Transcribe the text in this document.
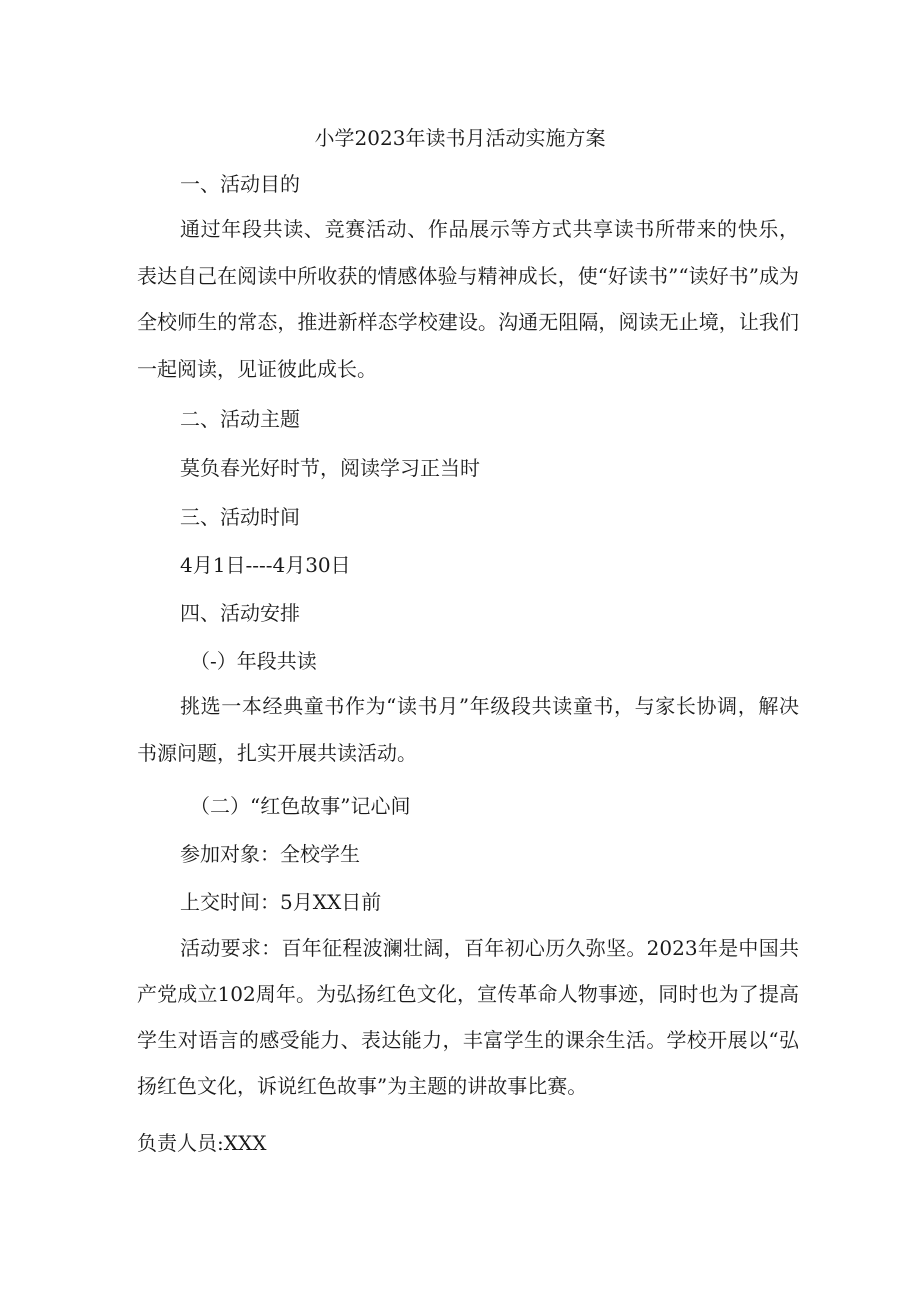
小学2023年读书月活动实施方案
一、活动目的
通过年段共读、竞赛活动、作品展示等方式共享读书所带来的快乐，表达自己在阅读中所收获的情感体验与精神成长，使“好读书”“读好书”成为全校师生的常态，推进新样态学校建设。沟通无阻隔，阅读无止境，让我们一起阅读，见证彼此成长。
二、活动主题
莫负春光好时节，阅读学习正当时
三、活动时间
4月1日----4月30日
四、活动安排
（-）年段共读
挑选一本经典童书作为“读书月”年级段共读童书，与家长协调，解决书源问题，扎实开展共读活动。
（二）“红色故事”记心间
参加对象：全校学生
上交时间：5月XX日前
活动要求：百年征程波澜壮阔，百年初心历久弥坚。2023年是中国共产党成立102周年。为弘扬红色文化，宣传革命人物事迹，同时也为了提高学生对语言的感受能力、表达能力，丰富学生的课余生活。学校开展以“弘扬红色文化，诉说红色故事”为主题的讲故事比赛。
负责人员:XXX
